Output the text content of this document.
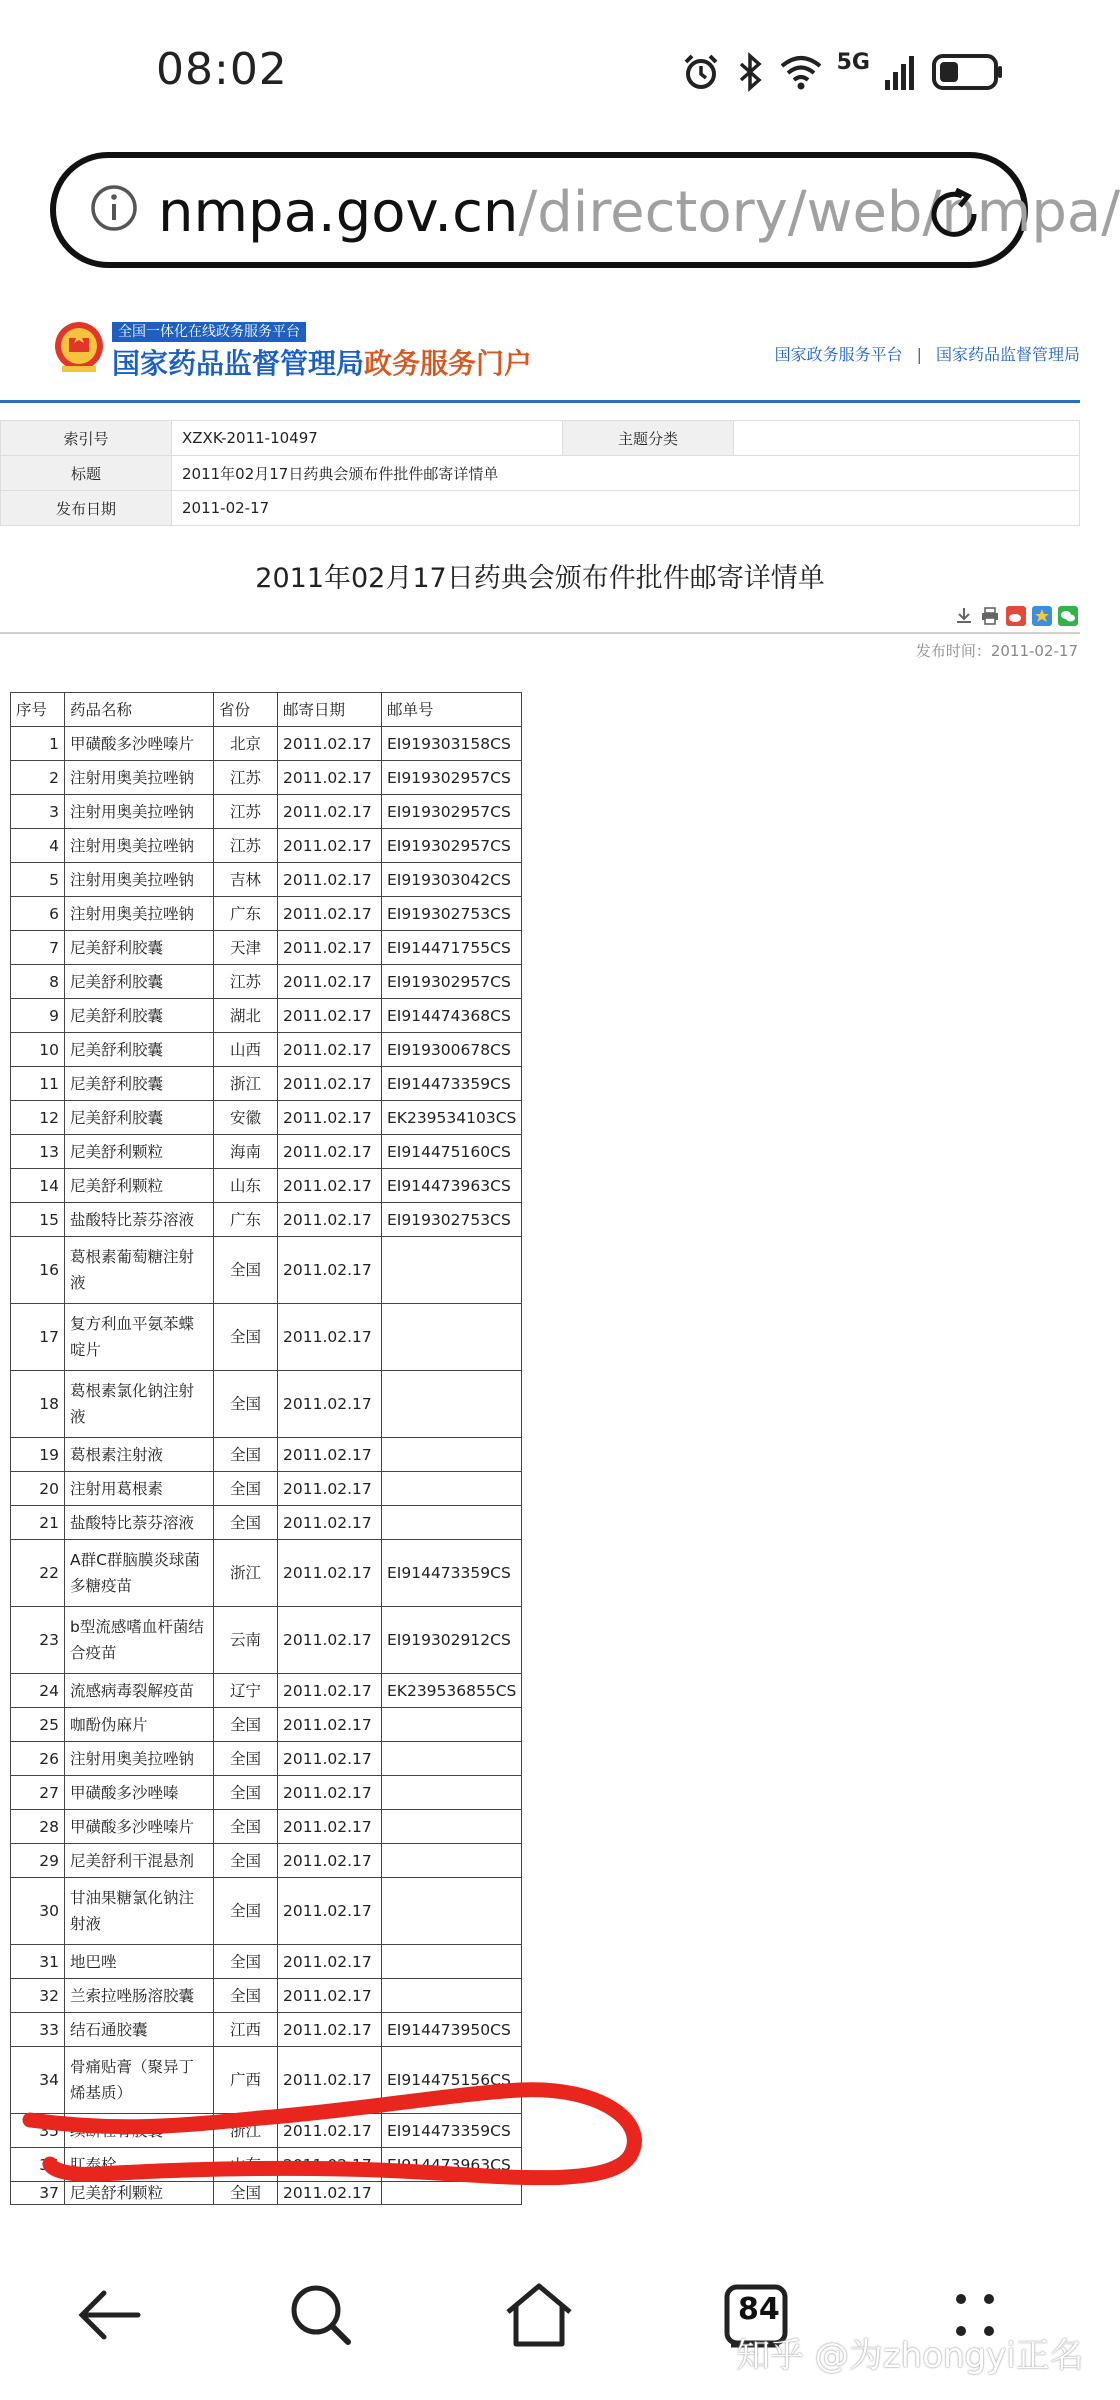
08:02	5G
nmpa.gov.cn/directory/web/nmpa/
全国一体化在线政务服务平台
国家药品监督管理局政务服务门户	国家政务服务平台 | 国家药品监督管理局
索引号	XZXK-2011-10497	主题分类	
标题	2011年02月17日药典会颁布件批件邮寄详情单		
发布日期	2011-02-17		
2011年02月17日药典会颁布件批件邮寄详情单
发布时间：2011-02-17
序号	药品名称	省份	邮寄日期	邮单号
1	甲磺酸多沙唑嗪片	北京	2011.02.17	EI919303158CS
2	注射用奥美拉唑钠	江苏	2011.02.17	EI919302957CS
3	注射用奥美拉唑钠	江苏	2011.02.17	EI919302957CS
4	注射用奥美拉唑钠	江苏	2011.02.17	EI919302957CS
5	注射用奥美拉唑钠	吉林	2011.02.17	EI919303042CS
6	注射用奥美拉唑钠	广东	2011.02.17	EI919302753CS
7	尼美舒利胶囊	天津	2011.02.17	EI914471755CS
8	尼美舒利胶囊	江苏	2011.02.17	EI919302957CS
9	尼美舒利胶囊	湖北	2011.02.17	EI914474368CS
10	尼美舒利胶囊	山西	2011.02.17	EI919300678CS
11	尼美舒利胶囊	浙江	2011.02.17	EI914473359CS
12	尼美舒利胶囊	安徽	2011.02.17	EK239534103CS
13	尼美舒利颗粒	海南	2011.02.17	EI914475160CS
14	尼美舒利颗粒	山东	2011.02.17	EI914473963CS
15	盐酸特比萘芬溶液	广东	2011.02.17	EI919302753CS
16	葛根素葡萄糖注射液	全国	2011.02.17	
17	复方利血平氨苯蝶啶片	全国	2011.02.17	
18	葛根素氯化钠注射液	全国	2011.02.17	
19	葛根素注射液	全国	2011.02.17	
20	注射用葛根素	全国	2011.02.17	
21	盐酸特比萘芬溶液	全国	2011.02.17	
22	A群C群脑膜炎球菌多糖疫苗	浙江	2011.02.17	EI914473359CS
23	b型流感嗜血杆菌结合疫苗	云南	2011.02.17	EI919302912CS
24	流感病毒裂解疫苗	辽宁	2011.02.17	EK239536855CS
25	咖酚伪麻片	全国	2011.02.17	
26	注射用奥美拉唑钠	全国	2011.02.17	
27	甲磺酸多沙唑嗪	全国	2011.02.17	
28	甲磺酸多沙唑嗪片	全国	2011.02.17	
29	尼美舒利干混悬剂	全国	2011.02.17	
30	甘油果糖氯化钠注射液	全国	2011.02.17	
31	地巴唑	全国	2011.02.17	
32	兰索拉唑肠溶胶囊	全国	2011.02.17	
33	结石通胶囊	江西	2011.02.17	EI914473950CS
34	骨痛贴膏（聚异丁烯基质）	广西	2011.02.17	EI914475156CS
35	续断壮骨胶囊	浙江	2011.02.17	EI914473359CS
36	肛泰栓	山东	2011.02.17	EI914473963CS
37	尼美舒利颗粒	全国	2011.02.17	
84
知乎 @为zhongyi正名
